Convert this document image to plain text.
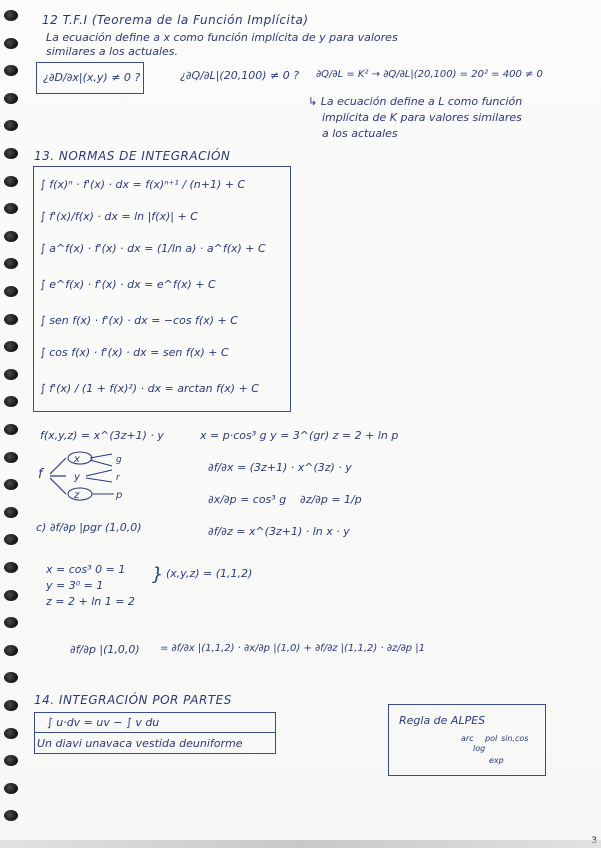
12 T.F.I (Teorema de la Función Implícita)
La ecuación define a x como función implícita de y para valores
similares a los actuales.
¿∂D/∂x|(x,y) ≠ 0 ?	¿∂Q/∂L|(20,100) ≠ 0 ? ∂Q/∂L = K² → ∂Q/∂L|(20,100) = 20² = 400 ≠ 0
↳ La ecuación define a L como función
implícita de K para valores similares
a los actuales
13. NORMAS DE INTEGRACIÓN
∫ f(x)ⁿ · f'(x) · dx = f(x)ⁿ⁺¹ / (n+1) + C
∫ f'(x)/f(x) · dx = ln |f(x)| + C
∫ a^f(x) · f'(x) · dx = (1/ln a) · a^f(x) + C
∫ e^f(x) · f'(x) · dx = e^f(x) + C
∫ sen f(x) · f'(x) · dx = −cos f(x) + C
∫ cos f(x) · f'(x) · dx = sen f(x) + C
∫ f'(x) / (1 + f(x)²) · dx = arctan f(x) + C
f(x,y,z) = x^(3z+1) · y	x = p·cos³ g y = 3^(gr) z = 2 + ln p
f
x
y
z
g
r
p
∂f/∂x = (3z+1) · x^(3z) · y
∂x/∂p = cos³ g ∂z/∂p = 1/p
∂f/∂z = x^(3z+1) · ln x · y
c) ∂f/∂p |pgr (1,0,0)
x = cos³ 0 = 1
y = 3⁰ = 1
z = 2 + ln 1 = 2
} (x,y,z) = (1,1,2)
∂f/∂p |(1,0,0) = ∂f/∂x |(1,1,2) · ∂x/∂p |(1,0) + ∂f/∂z |(1,1,2) · ∂z/∂p |1
14. INTEGRACIÓN POR PARTES
∫ u·dv = uv − ∫ v du
Un diavi unavaca vestida deuniforme
Regla de ALPES
arc
log
pol
exp
sin,cos
